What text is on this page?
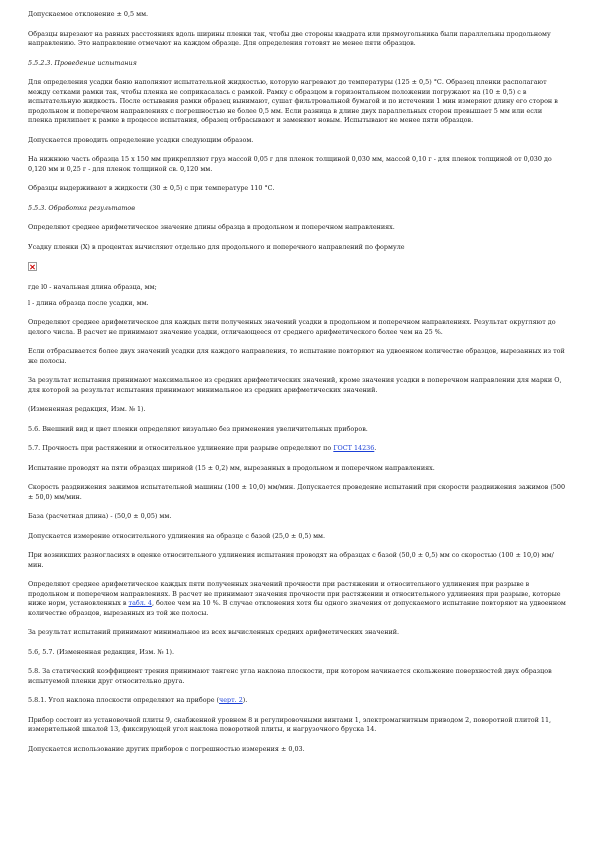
Допускаемое отклонение ± 0,5 мм.

Образцы вырезают на равных расстояниях вдоль ширины пленки так, чтобы две стороны квадрата или прямоугольника были параллельны продольному направлению. Это направление отмечают на каждом образце. Для определения готовят не менее пяти образцов.

5.5.2.3. Проведение испытания

Для определения усадки баню наполняют испытательной жидкостью, которую нагревают до температуры (125 ± 0,5) °С. Образец пленки располагают между сетками рамки так, чтобы пленка не соприкасалась с рамкой. Рамку с образцом в горизонтальном положении погружают на (10 ± 0,5) с в испытательную жидкость. После остывания рамки образец вынимают, сушат фильтровальной бумагой и по истечении 1 мин измеряют длину его сторон в продольном и поперечном направлениях с погрешностью не более 0,5 мм. Если разница в длине двух параллельных сторон превышает 5 мм или если пленка прилипает к рамке в процессе испытания, образец отбрасывают и заменяют новым. Испытывают не менее пяти образцов.

Допускается проводить определение усадки следующим образом.

На нижнюю часть образца 15 х 150 мм прикрепляют груз массой 0,05 г для пленок толщиной 0,030 мм, массой 0,10 г - для пленок толщиной от 0,030 до 0,120 мм и 0,25 г - для пленок толщиной св. 0,120 мм.

Образцы выдерживают в жидкости (30 ± 0,5) с при температуре 110 °С.

5.5.3. Обработка результатов

Определяют среднее арифметическое значение длины образца в продольном и поперечном направлениях.

Усадку пленки (Х) в процентах вычисляют отдельно для продольного и поперечного направлений по формуле

где l0 - начальная длина образца, мм;

l - длина образца после усадки, мм.

Определяют среднее арифметическое для каждых пяти полученных значений усадки в продольном и поперечном направлениях. Результат округляют до целого числа. В расчет не принимают значение усадки, отличающееся от среднего арифметического более чем на 25 %.

Если отбрасывается более двух значений усадки для каждого направления, то испытание повторяют на удвоенном количестве образцов, вырезанных из той же полосы.

За результат испытания принимают максимальное из средних арифметических значений, кроме значения усадки в поперечном направлении для марки О, для которой за результат испытания принимают минимальное из средних арифметических значений.

(Измененная редакция, Изм. № 1).

5.6. Внешний вид и цвет пленки определяют визуально без применения увеличительных приборов.

5.7. Прочность при растяжении и относительное удлинение при разрыве определяют по ГОСТ 14236.

Испытание проводят на пяти образцах шириной (15 ± 0,2) мм, вырезанных в продольном и поперечном направлениях.

Скорость раздвижения зажимов испытательной машины (100 ± 10,0) мм/мин. Допускается проведение испытаний при скорости раздвижения зажимов (500 ± 50,0) мм/мин.

База (расчетная длина) - (50,0 ± 0,05) мм.

Допускается измерение относительного удлинения на образце с базой (25,0 ± 0,5) мм.

При возникших разногласиях в оценке относительного удлинения испытания проводят на образцах с базой (50,0 ± 0,5) мм со скоростью (100 ± 10,0) мм/мин.

Определяют среднее арифметическое каждых пяти полученных значений прочности при растяжении и относительного удлинения при разрыве в продольном и поперечном направлениях. В расчет не принимают значения прочности при растяжении и относительного удлинения при разрыве, которые ниже норм, установленных в табл. 4, более чем на 10 %. В случае отклонения хотя бы одного значения от допускаемого испытание повторяют на удвоенном количестве образцов, вырезанных из той же полосы.

За результат испытаний принимают минимальное из всех вычисленных средних арифметических значений.

5.6, 5.7. (Измененная редакция, Изм. № 1).

5.8. За статический коэффициент трения принимают тангенс угла наклона плоскости, при котором начинается скольжение поверхностей двух образцов испытуемой пленки друг относительно друга.

5.8.1. Угол наклона плоскости определяют на приборе (черт. 2).

Прибор состоит из установочной плиты 9, снабженной уровнем 8 и регулировочными винтами 1, электромагнитным приводом 2, поворотной плитой 11, измерительной шкалой 13, фиксирующей угол наклона поворотной плиты, и нагрузочного бруска 14.

Допускается использование других приборов с погрешностью измерения ± 0,03.
